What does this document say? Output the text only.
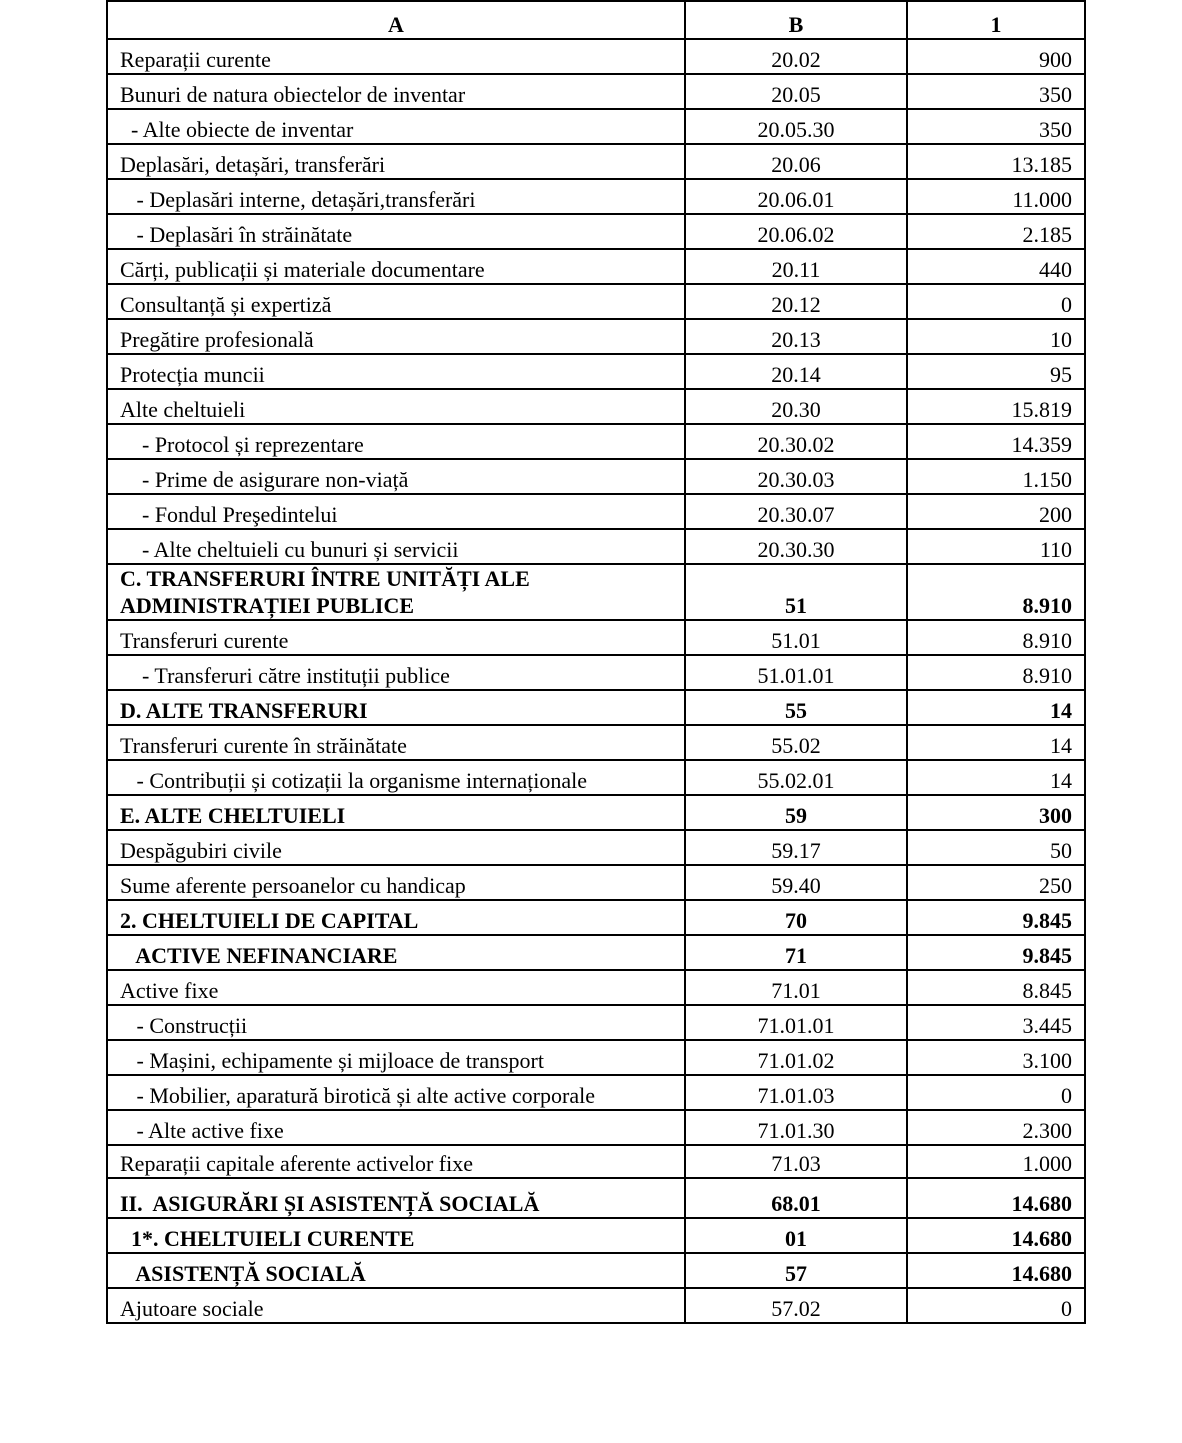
A	B	1
Reparații curente	20.02	900
Bunuri de natura obiectelor de inventar	20.05	350
- Alte obiecte de inventar	20.05.30	350
Deplasări, detașări, transferări	20.06	13.185
- Deplasări interne, detașări,transferări	20.06.01	11.000
- Deplasări în străinătate	20.06.02	2.185
Cărți, publicații și materiale documentare	20.11	440
Consultanță și expertiză	20.12	0
Pregătire profesională	20.13	10
Protecția muncii	20.14	95
Alte cheltuieli	20.30	15.819
- Protocol și reprezentare	20.30.02	14.359
- Prime de asigurare non-viață	20.30.03	1.150
- Fondul Preşedintelui	20.30.07	200
- Alte cheltuieli cu bunuri și servicii	20.30.30	110
C. TRANSFERURI ÎNTRE UNITĂȚI ALE ADMINISTRAȚIEI PUBLICE	51	8.910
Transferuri curente	51.01	8.910
- Transferuri către instituții publice	51.01.01	8.910
D. ALTE TRANSFERURI	55	14
Transferuri curente în străinătate	55.02	14
- Contribuții și cotizații la organisme internaționale	55.02.01	14
E. ALTE CHELTUIELI	59	300
Despăgubiri civile	59.17	50
Sume aferente persoanelor cu handicap	59.40	250
2. CHELTUIELI DE CAPITAL	70	9.845
ACTIVE NEFINANCIARE	71	9.845
Active fixe	71.01	8.845
- Construcții	71.01.01	3.445
- Mașini, echipamente și mijloace de transport	71.01.02	3.100
- Mobilier, aparatură birotică și alte active corporale	71.01.03	0
- Alte active fixe	71.01.30	2.300
Reparații capitale aferente activelor fixe	71.03	1.000
II.  ASIGURĂRI ȘI ASISTENȚĂ SOCIALĂ	68.01	14.680
1*. CHELTUIELI CURENTE	01	14.680
ASISTENȚĂ SOCIALĂ	57	14.680
Ajutoare sociale	57.02	0
